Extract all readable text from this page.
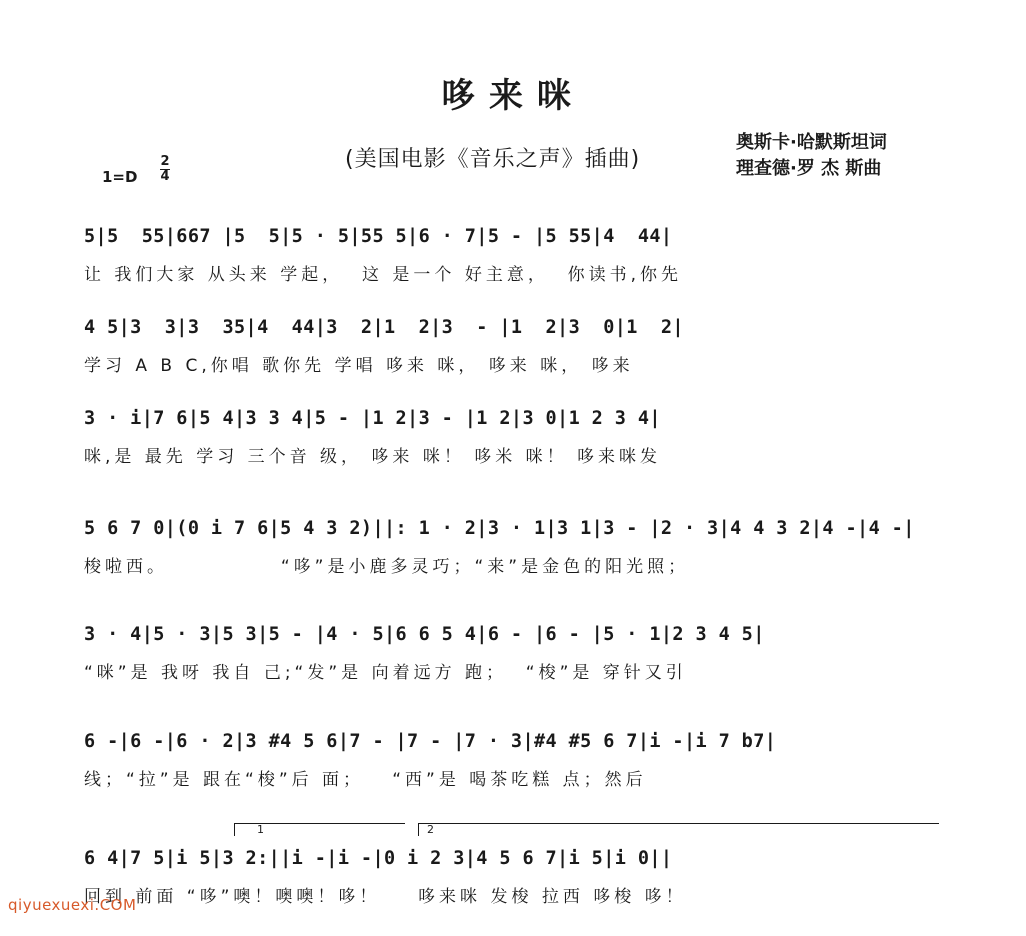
哆来咪
(美国电影《音乐之声》插曲)
奥斯卡·哈默斯坦词
理查德·罗 杰 斯曲
1=D
2
4
5|5  55|667 |5  5|5 · 5|55 5|6 · 7|5 - |5 55|4  44|
让 我们大家 从头来 学起，  这 是一个 好主意，  你读书,你先
4 5|3  3|3  35|4  44|3  2|1  2|3  - |1  2|3  0|1  2|
学习 A B C,你唱 歌你先 学唱 哆来 咪， 哆来 咪， 哆来
3 · i|7 6|5 4|3 3 4|5 - |1 2|3 - |1 2|3 0|1 2 3 4|
咪,是 最先 学习 三个音 级， 哆来 咪！ 哆米 咪！ 哆来咪发
5 6 7 0|(0 i 7 6|5 4 3 2)||: 1 · 2|3 · 1|3 1|3 - |2 · 3|4 4 3 2|4 -|4 -|
梭啦西。            “哆”是小鹿多灵巧；“来”是金色的阳光照；
3 · 4|5 · 3|5 3|5 - |4 · 5|6 6 5 4|6 - |6 - |5 · 1|2 3 4 5|
“咪”是 我呀 我自 己;“发”是 向着远方 跑；  “梭”是 穿针又引
6 -|6 -|6 · 2|3 #4 5 6|7 - |7 - |7 · 3|#4 #5 6 7|i -|i 7 b7|
线；“拉”是 跟在“梭”后 面；   “西”是 喝茶吃糕 点；然后
6 4|7 5|i 5|3 2:||i -|i -|0 i 2 3|4 5 6 7|i 5|i 0||
回到 前面 “哆”噢！噢噢！哆！    哆来咪 发梭 拉西 哆梭 哆！
1	2
qiyuexuexi.COM
